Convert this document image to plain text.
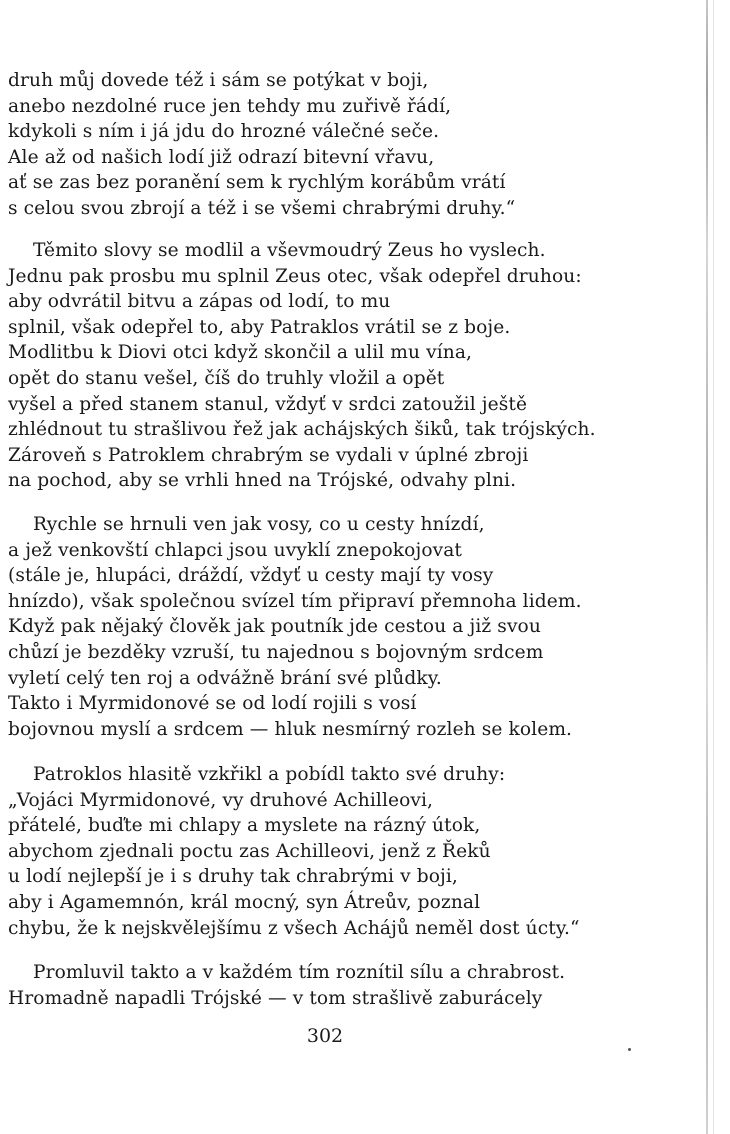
druh můj dovede též i sám se potýkat v boji,
anebo nezdolné ruce jen tehdy mu zuřivě řádí,
kdykoli s ním i já jdu do hrozné válečné seče.
Ale až od našich lodí již odrazí bitevní vřavu,
ať se zas bez poranění sem k rychlým korábům vrátí
s celou svou zbrojí a též i se všemi chrabrými druhy.“
Těmito slovy se modlil a vševmoudrý Zeus ho vyslech.
Jednu pak prosbu mu splnil Zeus otec, však odepřel druhou:
aby odvrátil bitvu a zápas od lodí, to mu
splnil, však odepřel to, aby Patraklos vrátil se z boje.
Modlitbu k Diovi otci když skončil a ulil mu vína,
opět do stanu vešel, číš do truhly vložil a opět
vyšel a před stanem stanul, vždyť v srdci zatoužil ještě
zhlédnout tu strašlivou řež jak achájských šiků, tak trójských.
Zároveň s Patroklem chrabrým se vydali v úplné zbroji
na pochod, aby se vrhli hned na Trójské, odvahy plni.
Rychle se hrnuli ven jak vosy, co u cesty hnízdí,
a jež venkovští chlapci jsou uvyklí znepokojovat
(stále je, hlupáci, dráždí, vždyť u cesty mají ty vosy
hnízdo), však společnou svízel tím připraví přemnoha lidem.
Když pak nějaký člověk jak poutník jde cestou a již svou
chůzí je bezděky vzruší, tu najednou s bojovným srdcem
vyletí celý ten roj a odvážně brání své plůdky.
Takto i Myrmidonové se od lodí rojili s vosí
bojovnou myslí a srdcem — hluk nesmírný rozleh se kolem.
Patroklos hlasitě vzkřikl a pobídl takto své druhy:
„Vojáci Myrmidonové, vy druhové Achilleovi,
přátelé, buďte mi chlapy a myslete na rázný útok,
abychom zjednali poctu zas Achilleovi, jenž z Řeků
u lodí nejlepší je i s druhy tak chrabrými v boji,
aby i Agamemnón, král mocný, syn Átreův, poznal
chybu, že k nejskvělejšímu z všech Achájů neměl dost úcty.“
Promluvil takto a v každém tím roznítil sílu a chrabrost.
Hromadně napadli Trójské — v tom strašlivě zaburácely
302
